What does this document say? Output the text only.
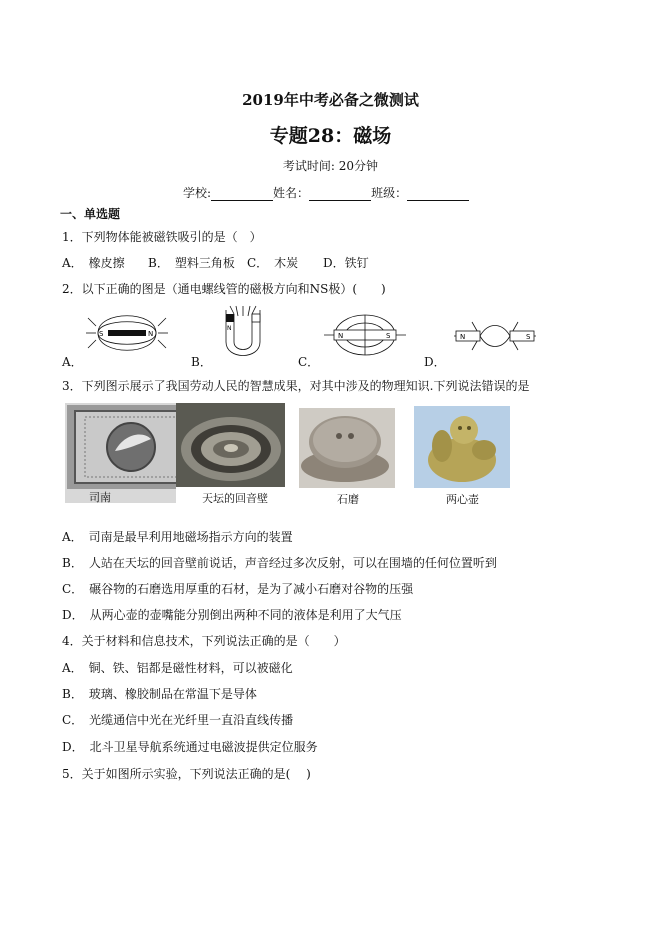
2019年中考必备之微测试
专题28：磁场
考试时间: 20分钟
学校:	姓名：	班级：
一、单选题
1．下列物体能被磁铁吸引的是（　）
A．　橡皮擦 B．　塑料三角板 C．　木炭 D．铁钉
2．以下正确的图是（通电螺线管的磁极方向和NS极）(　　)
S	N
A．
N
B．
N	S
C．
N	S
D．
3．下列图示展示了我国劳动人民的智慧成果，对其中涉及的物理知识.下列说法错误的是
司南	天坛的回音壁	石磨	两心壶
A．　司南是最早利用地磁场指示方向的装置
B．　人站在天坛的回音壁前说话，声音经过多次反射，可以在围墙的任何位置听到
C．　碾谷物的石磨选用厚重的石材，是为了减小石磨对谷物的压强
D．　从两心壶的壶嘴能分别倒出两种不同的液体是利用了大气压
4．关于材料和信息技术，下列说法正确的是（　　）
A．　铜、铁、铝都是磁性材料，可以被磁化
B．　玻璃、橡胶制品在常温下是导体
C．　光缆通信中光在光纤里一直沿直线传播
D．　北斗卫星导航系统通过电磁波提供定位服务
5．关于如图所示实验，下列说法正确的是(　 )
